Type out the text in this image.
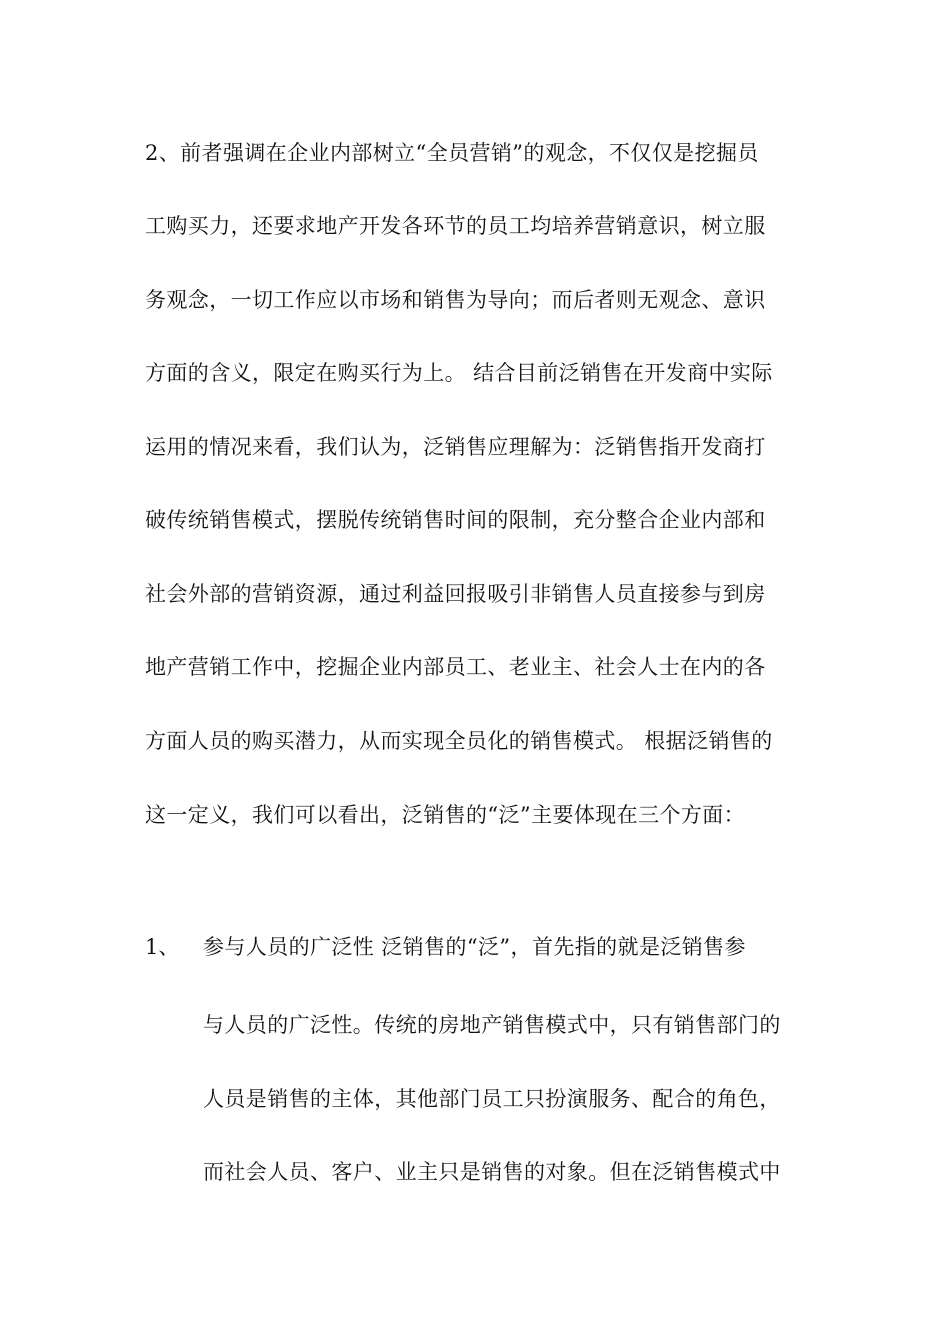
2、前者强调在企业内部树立“全员营销”的观念，不仅仅是挖掘员
工购买力，还要求地产开发各环节的员工均培养营销意识，树立服
务观念，一切工作应以市场和销售为导向；而后者则无观念、意识
方面的含义，限定在购买行为上。 结合目前泛销售在开发商中实际
运用的情况来看，我们认为，泛销售应理解为：泛销售指开发商打
破传统销售模式，摆脱传统销售时间的限制，充分整合企业内部和
社会外部的营销资源，通过利益回报吸引非销售人员直接参与到房
地产营销工作中，挖掘企业内部员工、老业主、社会人士在内的各
方面人员的购买潜力，从而实现全员化的销售模式。 根据泛销售的
这一定义，我们可以看出，泛销售的“泛”主要体现在三个方面：
1、 参与人员的广泛性 泛销售的“泛”，首先指的就是泛销售参
与人员的广泛性。传统的房地产销售模式中，只有销售部门的
人员是销售的主体，其他部门员工只扮演服务、配合的角色，
而社会人员、客户、业主只是销售的对象。但在泛销售模式中
